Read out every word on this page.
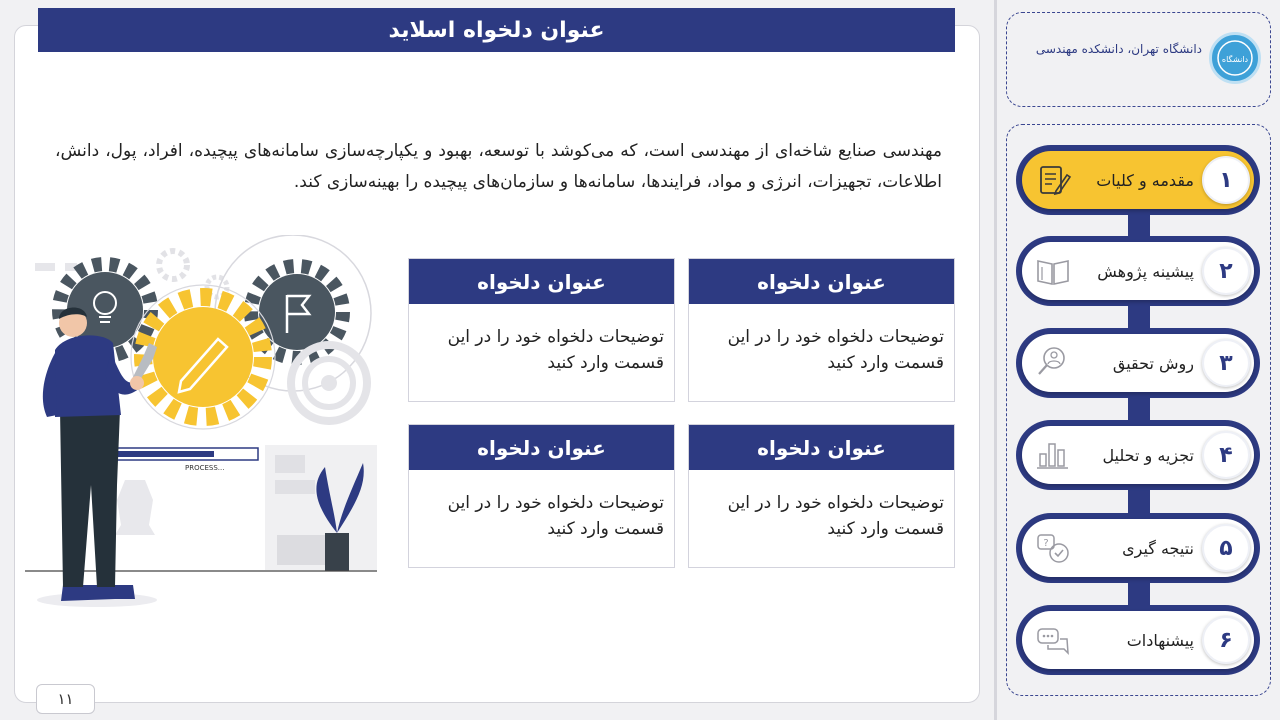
عنوان دلخواه اسلاید
مهندسی صنایع شاخه‌ای از مهندسی است، که می‌کوشد با توسعه، بهبود و یکپارچه‌سازی سامانه‌های پیچیده، افراد، پول، دانش، اطلاعات، تجهیزات، انرژی و مواد، فرایندها، سامانه‌ها و سازمان‌های پیچیده را بهینه‌سازی کند.
PROCESS...
عنوان دلخواه
توضیحات دلخواه خود را در این قسمت وارد کنید
عنوان دلخواه
توضیحات دلخواه خود را در این قسمت وارد کنید
عنوان دلخواه
توضیحات دلخواه خود را در این قسمت وارد کنید
عنوان دلخواه
توضیحات دلخواه خود را در این قسمت وارد کنید
۱۱
دانشگاه تهران، دانشکده مهندسی
دانشگاه
مقدمه و کلیات	۱
پیشینه پژوهش	۲
روش تحقیق	۳
تجزیه و تحلیل	۴
?	نتیجه گیری	۵
پیشنهادات	۶
